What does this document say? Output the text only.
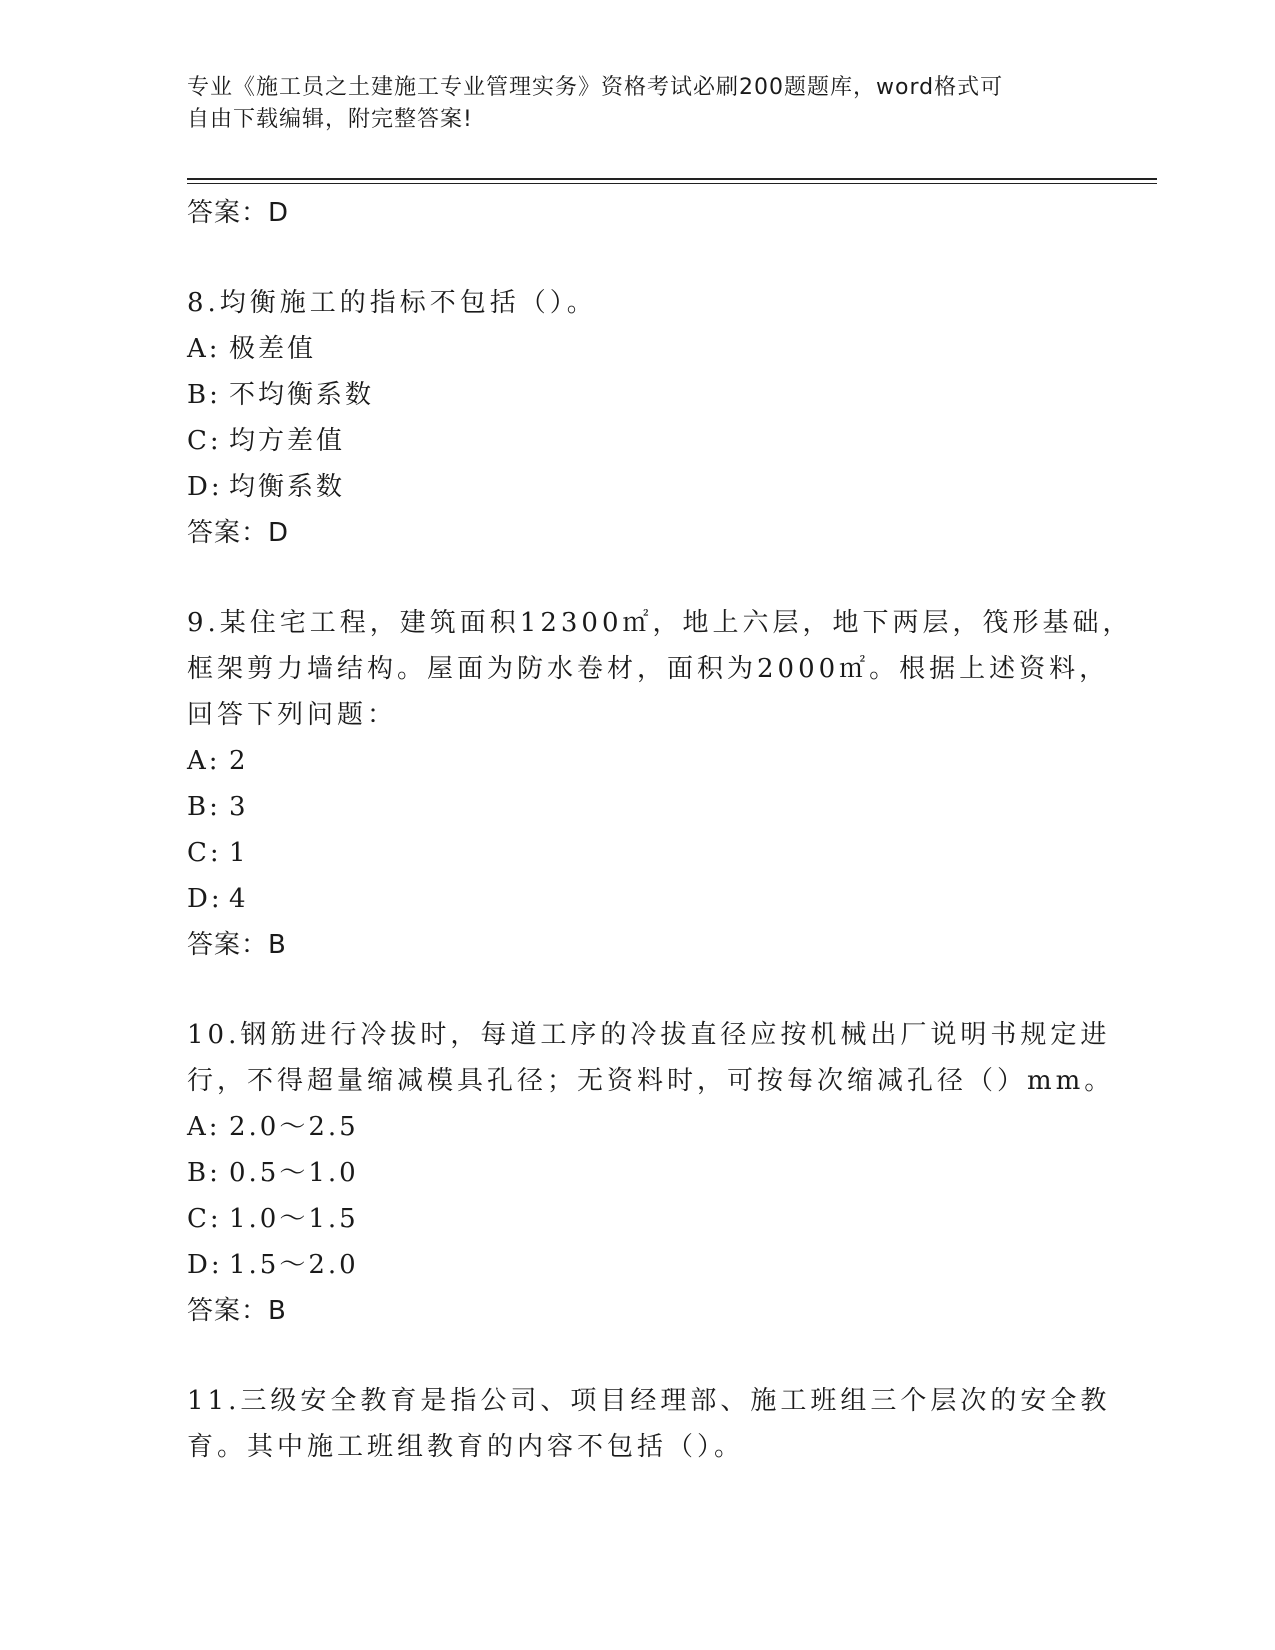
专业《施工员之土建施工专业管理实务》资格考试必刷200题题库，word格式可
自由下载编辑，附完整答案!
答案：D
8.均衡施工的指标不包括（）。
A: 极差值
B: 不均衡系数
C: 均方差值
D: 均衡系数
答案：D
9.某住宅工程，建筑面积12300㎡，地上六层，地下两层，筏形基础，
框架剪力墙结构。屋面为防水卷材，面积为2000㎡。根据上述资料，
回答下列问题：
A: 2
B: 3
C: 1
D: 4
答案：B
10.钢筋进行冷拔时，每道工序的冷拔直径应按机械出厂说明书规定进
行，不得超量缩减模具孔径；无资料时，可按每次缩减孔径（）mm。
A: 2.0～2.5
B: 0.5～1.0
C: 1.0～1.5
D: 1.5～2.0
答案：B
11.三级安全教育是指公司、项目经理部、施工班组三个层次的安全教
育。其中施工班组教育的内容不包括（）。
